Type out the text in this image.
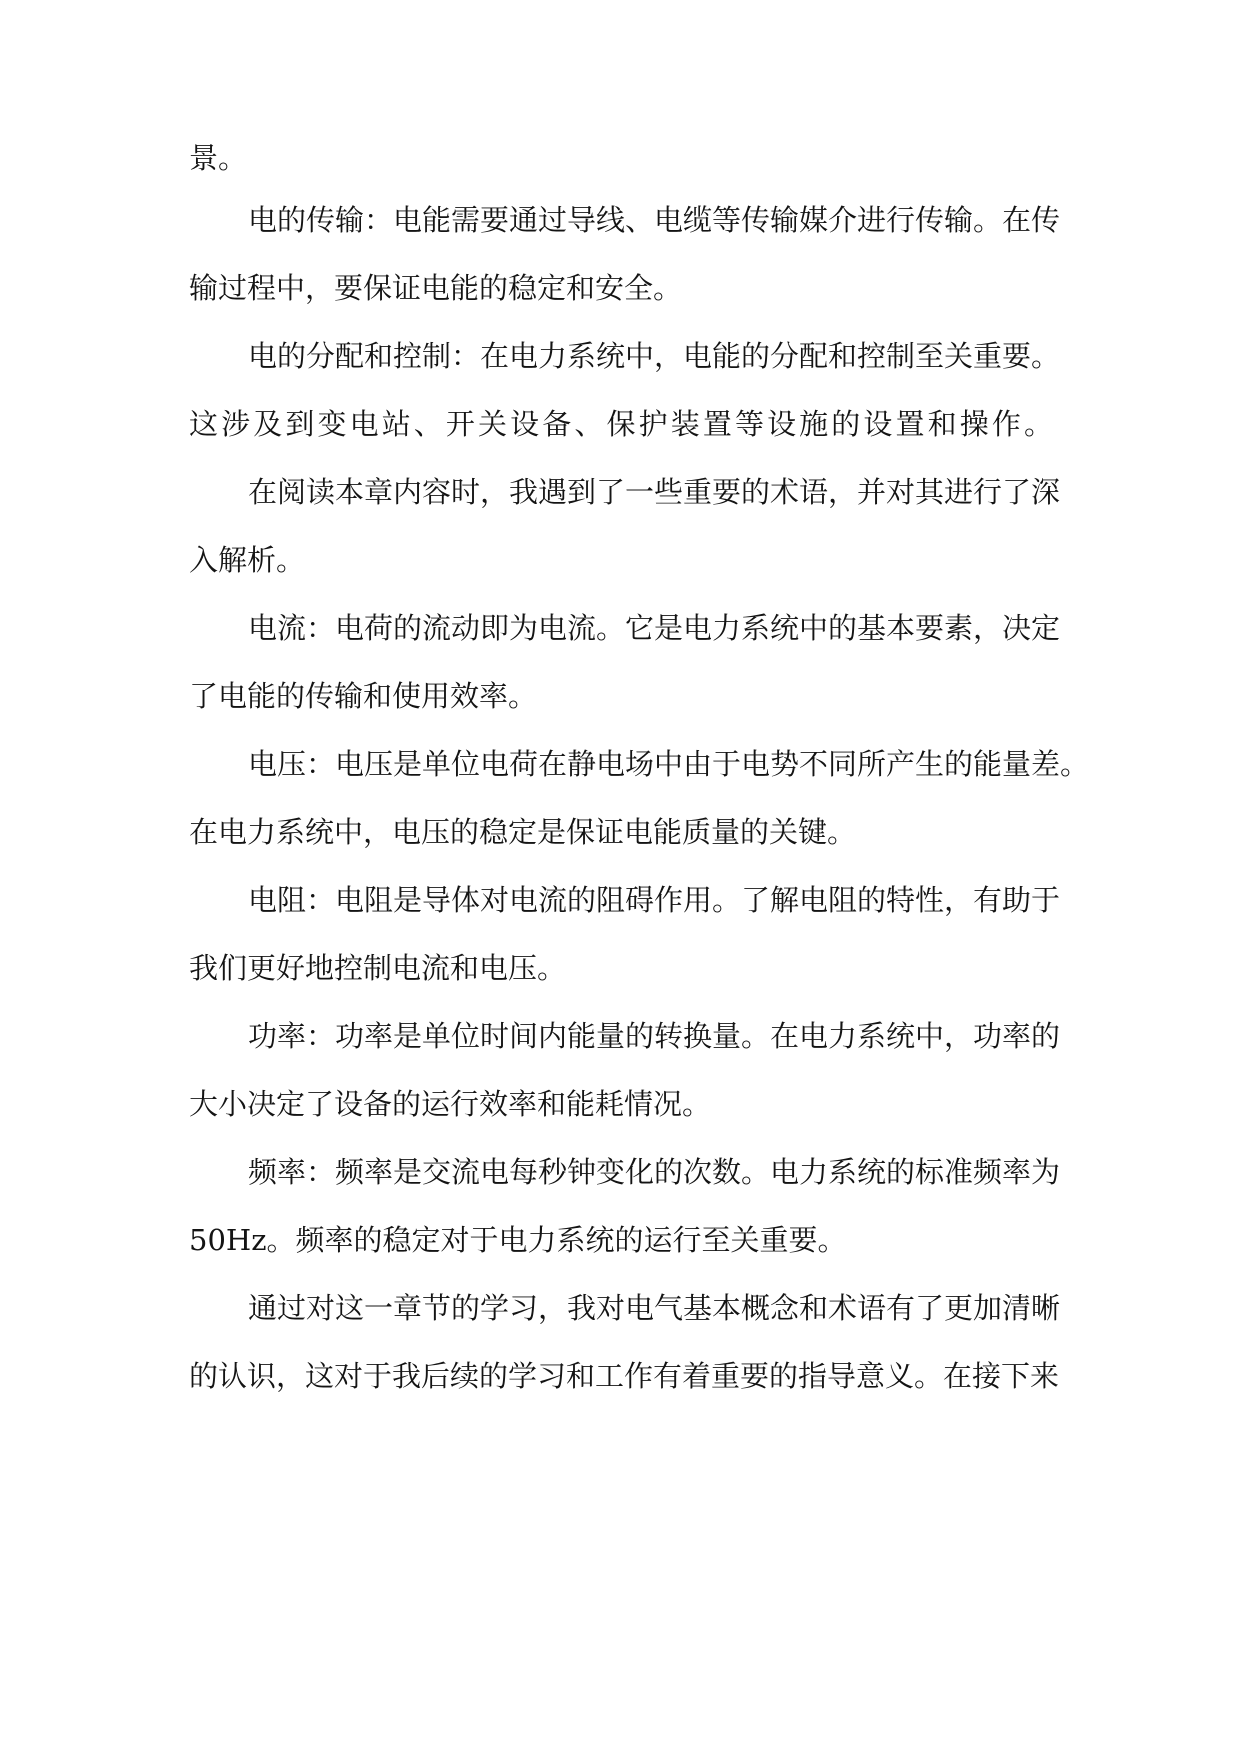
景。
电的传输：电能需要通过导线、电缆等传输媒介进行传输。在传
输过程中，要保证电能的稳定和安全。
电的分配和控制：在电力系统中，电能的分配和控制至关重要。
这涉及到变电站、开关设备、保护装置等设施的设置和操作。
在阅读本章内容时，我遇到了一些重要的术语，并对其进行了深
入解析。
电流：电荷的流动即为电流。它是电力系统中的基本要素，决定
了电能的传输和使用效率。
电压：电压是单位电荷在静电场中由于电势不同所产生的能量差。
在电力系统中，电压的稳定是保证电能质量的关键。
电阻：电阻是导体对电流的阻碍作用。了解电阻的特性，有助于
我们更好地控制电流和电压。
功率：功率是单位时间内能量的转换量。在电力系统中，功率的
大小决定了设备的运行效率和能耗情况。
频率：频率是交流电每秒钟变化的次数。电力系统的标准频率为
50Hz。频率的稳定对于电力系统的运行至关重要。
通过对这一章节的学习，我对电气基本概念和术语有了更加清晰
的认识，这对于我后续的学习和工作有着重要的指导意义。在接下来
